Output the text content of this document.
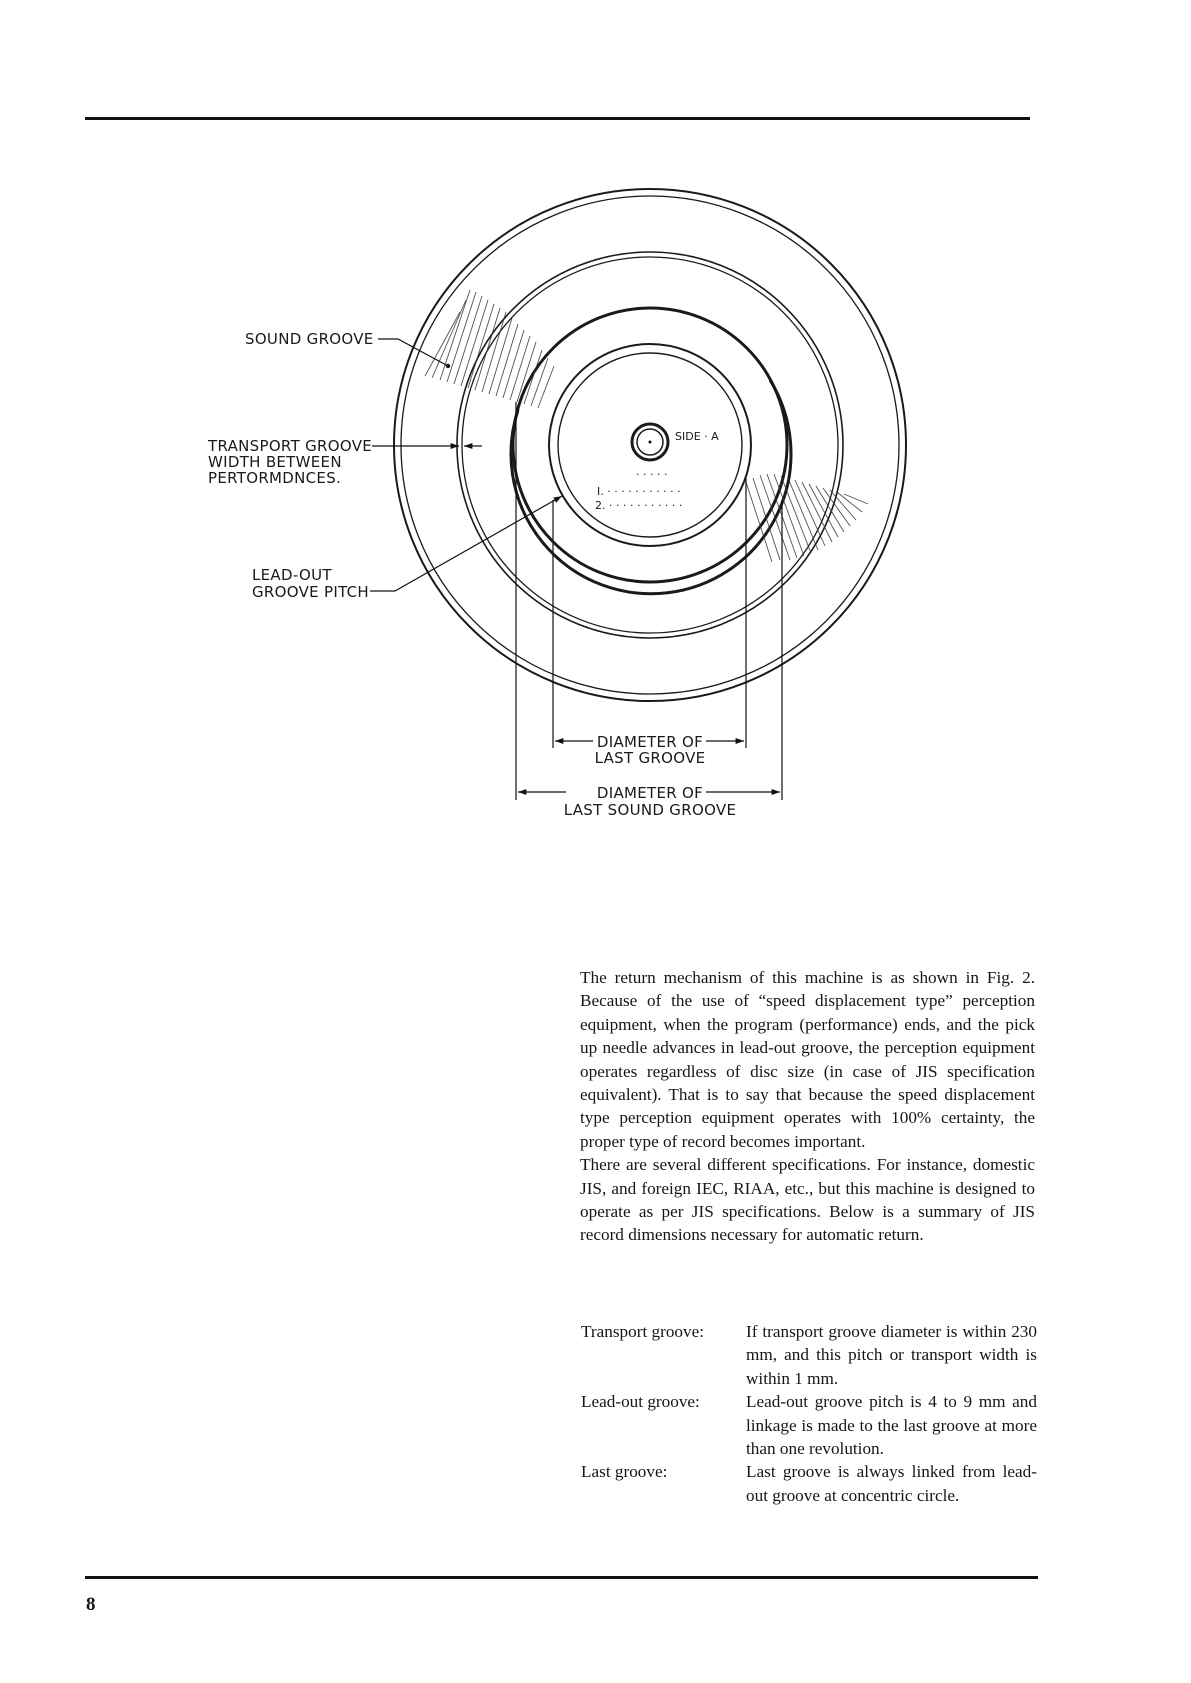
SIDE · A
· · · · ·
I. · · · · · · · · · · ·
2. · · · · · · · · · · ·
SOUND GROOVE
TRANSPORT GROOVE
WIDTH BETWEEN
PERTORMDNCES.
LEAD-OUT
GROOVE PITCH
DIAMETER OF
LAST GROOVE
DIAMETER OF
LAST SOUND GROOVE

The return mechanism of this machine is as shown in Fig. 2. Because of the use of “speed displacement type” perception equipment, when the program (performance) ends, and the pick up needle advances in lead-out groove, the perception equipment operates regardless of disc size (in case of JIS specification equivalent). That is to say that because the speed displacement type perception equipment operates with 100% certainty, the proper type of record becomes important.

There are several different specifications. For instance, domestic JIS, and foreign IEC, RIAA, etc., but this machine is designed to operate as per JIS specifications. Below is a summary of JIS record dimensions necessary for automatic return.

Transport groove:	If transport groove diameter is within 230 mm, and this pitch or transport width is within 1 mm.
Lead-out groove:	Lead-out groove pitch is 4 to 9 mm and linkage is made to the last groove at more than one revolution.
Last groove:	Last groove is always linked from lead-out groove at concentric circle.
8
